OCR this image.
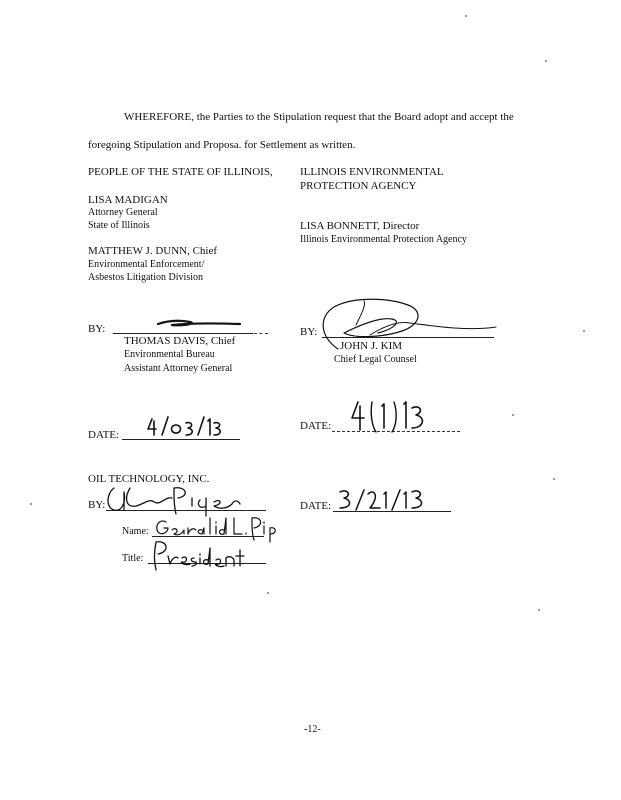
WHEREFORE, the Parties to the Stipulation request that the Board adopt and accept the
foregoing Stipulation and Proposa. for Settlement as written.
PEOPLE OF THE STATE OF ILLINOIS,
LISA MADIGAN
Attorney General
State of Illinois
MATTHEW J. DUNN, Chief
Environmental Enforcement/
Asbestos Litigation Division
ILLINOIS ENVIRONMENTAL
PROTECTION AGENCY
LISA BONNETT, Director
Illinois Environmental Protection Agency
BY:
THOMAS DAVIS, Chief
Environmental Bureau
Assistant Attorney General
BY:
JOHN J. KIM
Chief Legal Counsel
DATE:
DATE:
OIL TECHNOLOGY, INC.
BY:
Name:
Title:
DATE:
-12-
